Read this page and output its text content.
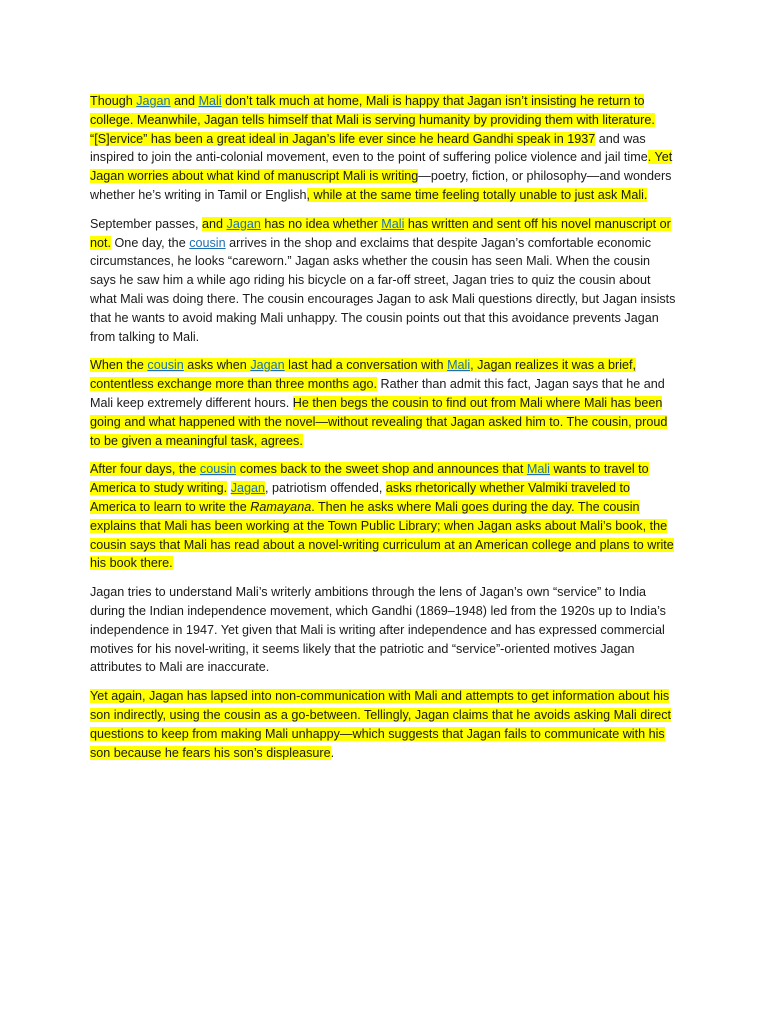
Though Jagan and Mali don’t talk much at home, Mali is happy that Jagan isn’t insisting he return to college. Meanwhile, Jagan tells himself that Mali is serving humanity by providing them with literature. “[S]ervice” has been a great ideal in Jagan’s life ever since he heard Gandhi speak in 1937 and was inspired to join the anti-colonial movement, even to the point of suffering police violence and jail time. Yet Jagan worries about what kind of manuscript Mali is writing—poetry, fiction, or philosophy—and wonders whether he’s writing in Tamil or English, while at the same time feeling totally unable to just ask Mali.

September passes, and Jagan has no idea whether Mali has written and sent off his novel manuscript or not. One day, the cousin arrives in the shop and exclaims that despite Jagan’s comfortable economic circumstances, he looks “careworn.” Jagan asks whether the cousin has seen Mali. When the cousin says he saw him a while ago riding his bicycle on a far-off street, Jagan tries to quiz the cousin about what Mali was doing there. The cousin encourages Jagan to ask Mali questions directly, but Jagan insists that he wants to avoid making Mali unhappy. The cousin points out that this avoidance prevents Jagan from talking to Mali.

When the cousin asks when Jagan last had a conversation with Mali, Jagan realizes it was a brief, contentless exchange more than three months ago. Rather than admit this fact, Jagan says that he and Mali keep extremely different hours. He then begs the cousin to find out from Mali where Mali has been going and what happened with the novel—without revealing that Jagan asked him to. The cousin, proud to be given a meaningful task, agrees.

After four days, the cousin comes back to the sweet shop and announces that Mali wants to travel to America to study writing. Jagan, patriotism offended, asks rhetorically whether Valmiki traveled to America to learn to write the Ramayana. Then he asks where Mali goes during the day. The cousin explains that Mali has been working at the Town Public Library; when Jagan asks about Mali’s book, the cousin says that Mali has read about a novel-writing curriculum at an American college and plans to write his book there.

Jagan tries to understand Mali’s writerly ambitions through the lens of Jagan’s own “service” to India during the Indian independence movement, which Gandhi (1869–1948) led from the 1920s up to India’s independence in 1947. Yet given that Mali is writing after independence and has expressed commercial motives for his novel-writing, it seems likely that the patriotic and “service”-oriented motives Jagan attributes to Mali are inaccurate.

Yet again, Jagan has lapsed into non-communication with Mali and attempts to get information about his son indirectly, using the cousin as a go-between. Tellingly, Jagan claims that he avoids asking Mali direct questions to keep from making Mali unhappy—which suggests that Jagan fails to communicate with his son because he fears his son’s displeasure.
